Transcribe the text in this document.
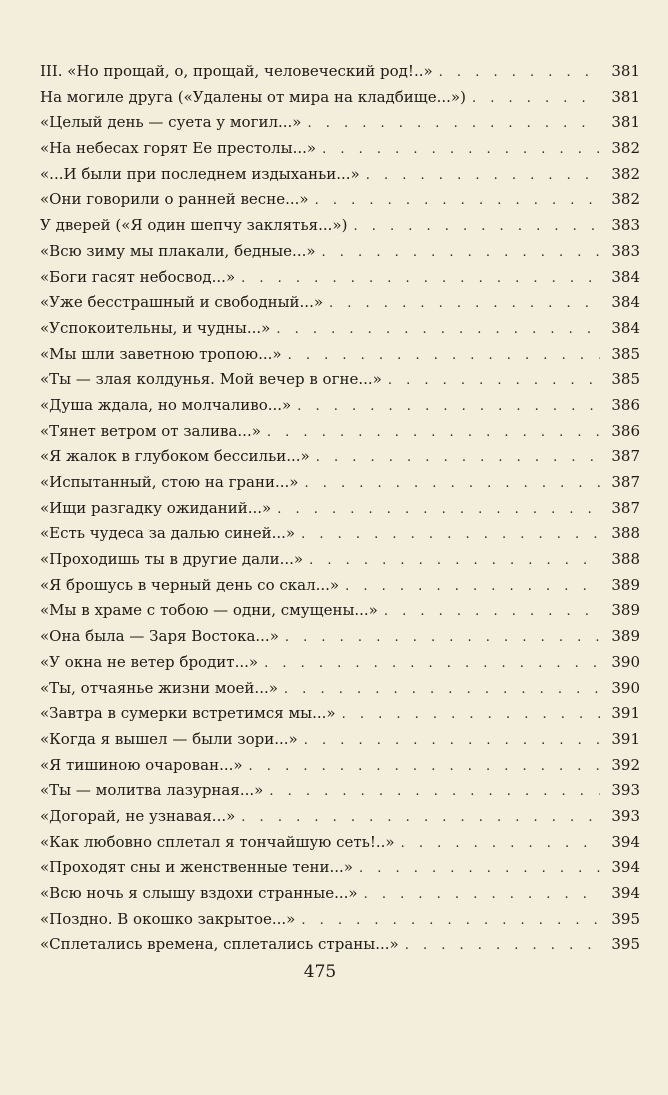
III. «Но прощай, о, прощай, человеческий род!..» . . .	381
На могиле друга («Удалены от мира на кладбище...») . . .	381
«Целый день — суета у могил...» . . .	381
«На небесах горят Ее престолы...» . . .	382
«...И были при последнем издыханьи...» . . .	382
«Они говорили о ранней весне...» . . .	382
У дверей («Я один шепчу заклятья...») . . .	383
«Всю зиму мы плакали, бедные...» . . .	383
«Боги гасят небосвод...» . . .	384
«Уже бесстрашный и свободный...» . . .	384
«Успокоительны, и чудны...» . . .	384
«Мы шли заветною тропою...» . . .	385
«Ты — злая колдунья. Мой вечер в огне...» . . .	385
«Душа ждала, но молчаливо...» . . .	386
«Тянет ветром от залива...» . . .	386
«Я жалок в глубоком бессильи...» . . .	387
«Испытанный, стою на грани...» . . .	387
«Ищи разгадку ожиданий...» . . .	387
«Есть чудеса за далью синей...» . . .	388
«Проходишь ты в другие дали...» . . .	388
«Я брошусь в черный день со скал...» . . .	389
«Мы в храме с тобою — одни, смущены...» . . .	389
«Она была — Заря Востока...» . . .	389
«У окна не ветер бродит...» . . .	390
«Ты, отчаянье жизни моей...» . . .	390
«Завтра в сумерки встретимся мы...» . . .	391
«Когда я вышел — были зори...» . . .	391
«Я тишиною очарован...» . . .	392
«Ты — молитва лазурная...» . . .	393
«Догорай, не узнавая...» . . .	393
«Как любовно сплетал я тончайшую сеть!..» . . .	394
«Проходят сны и женственные тени...» . . .	394
«Всю ночь я слышу вздохи странные...» . . .	394
«Поздно. В окошко закрытое...» . . .	395
«Сплетались времена, сплетались страны...» . . .	395
475
